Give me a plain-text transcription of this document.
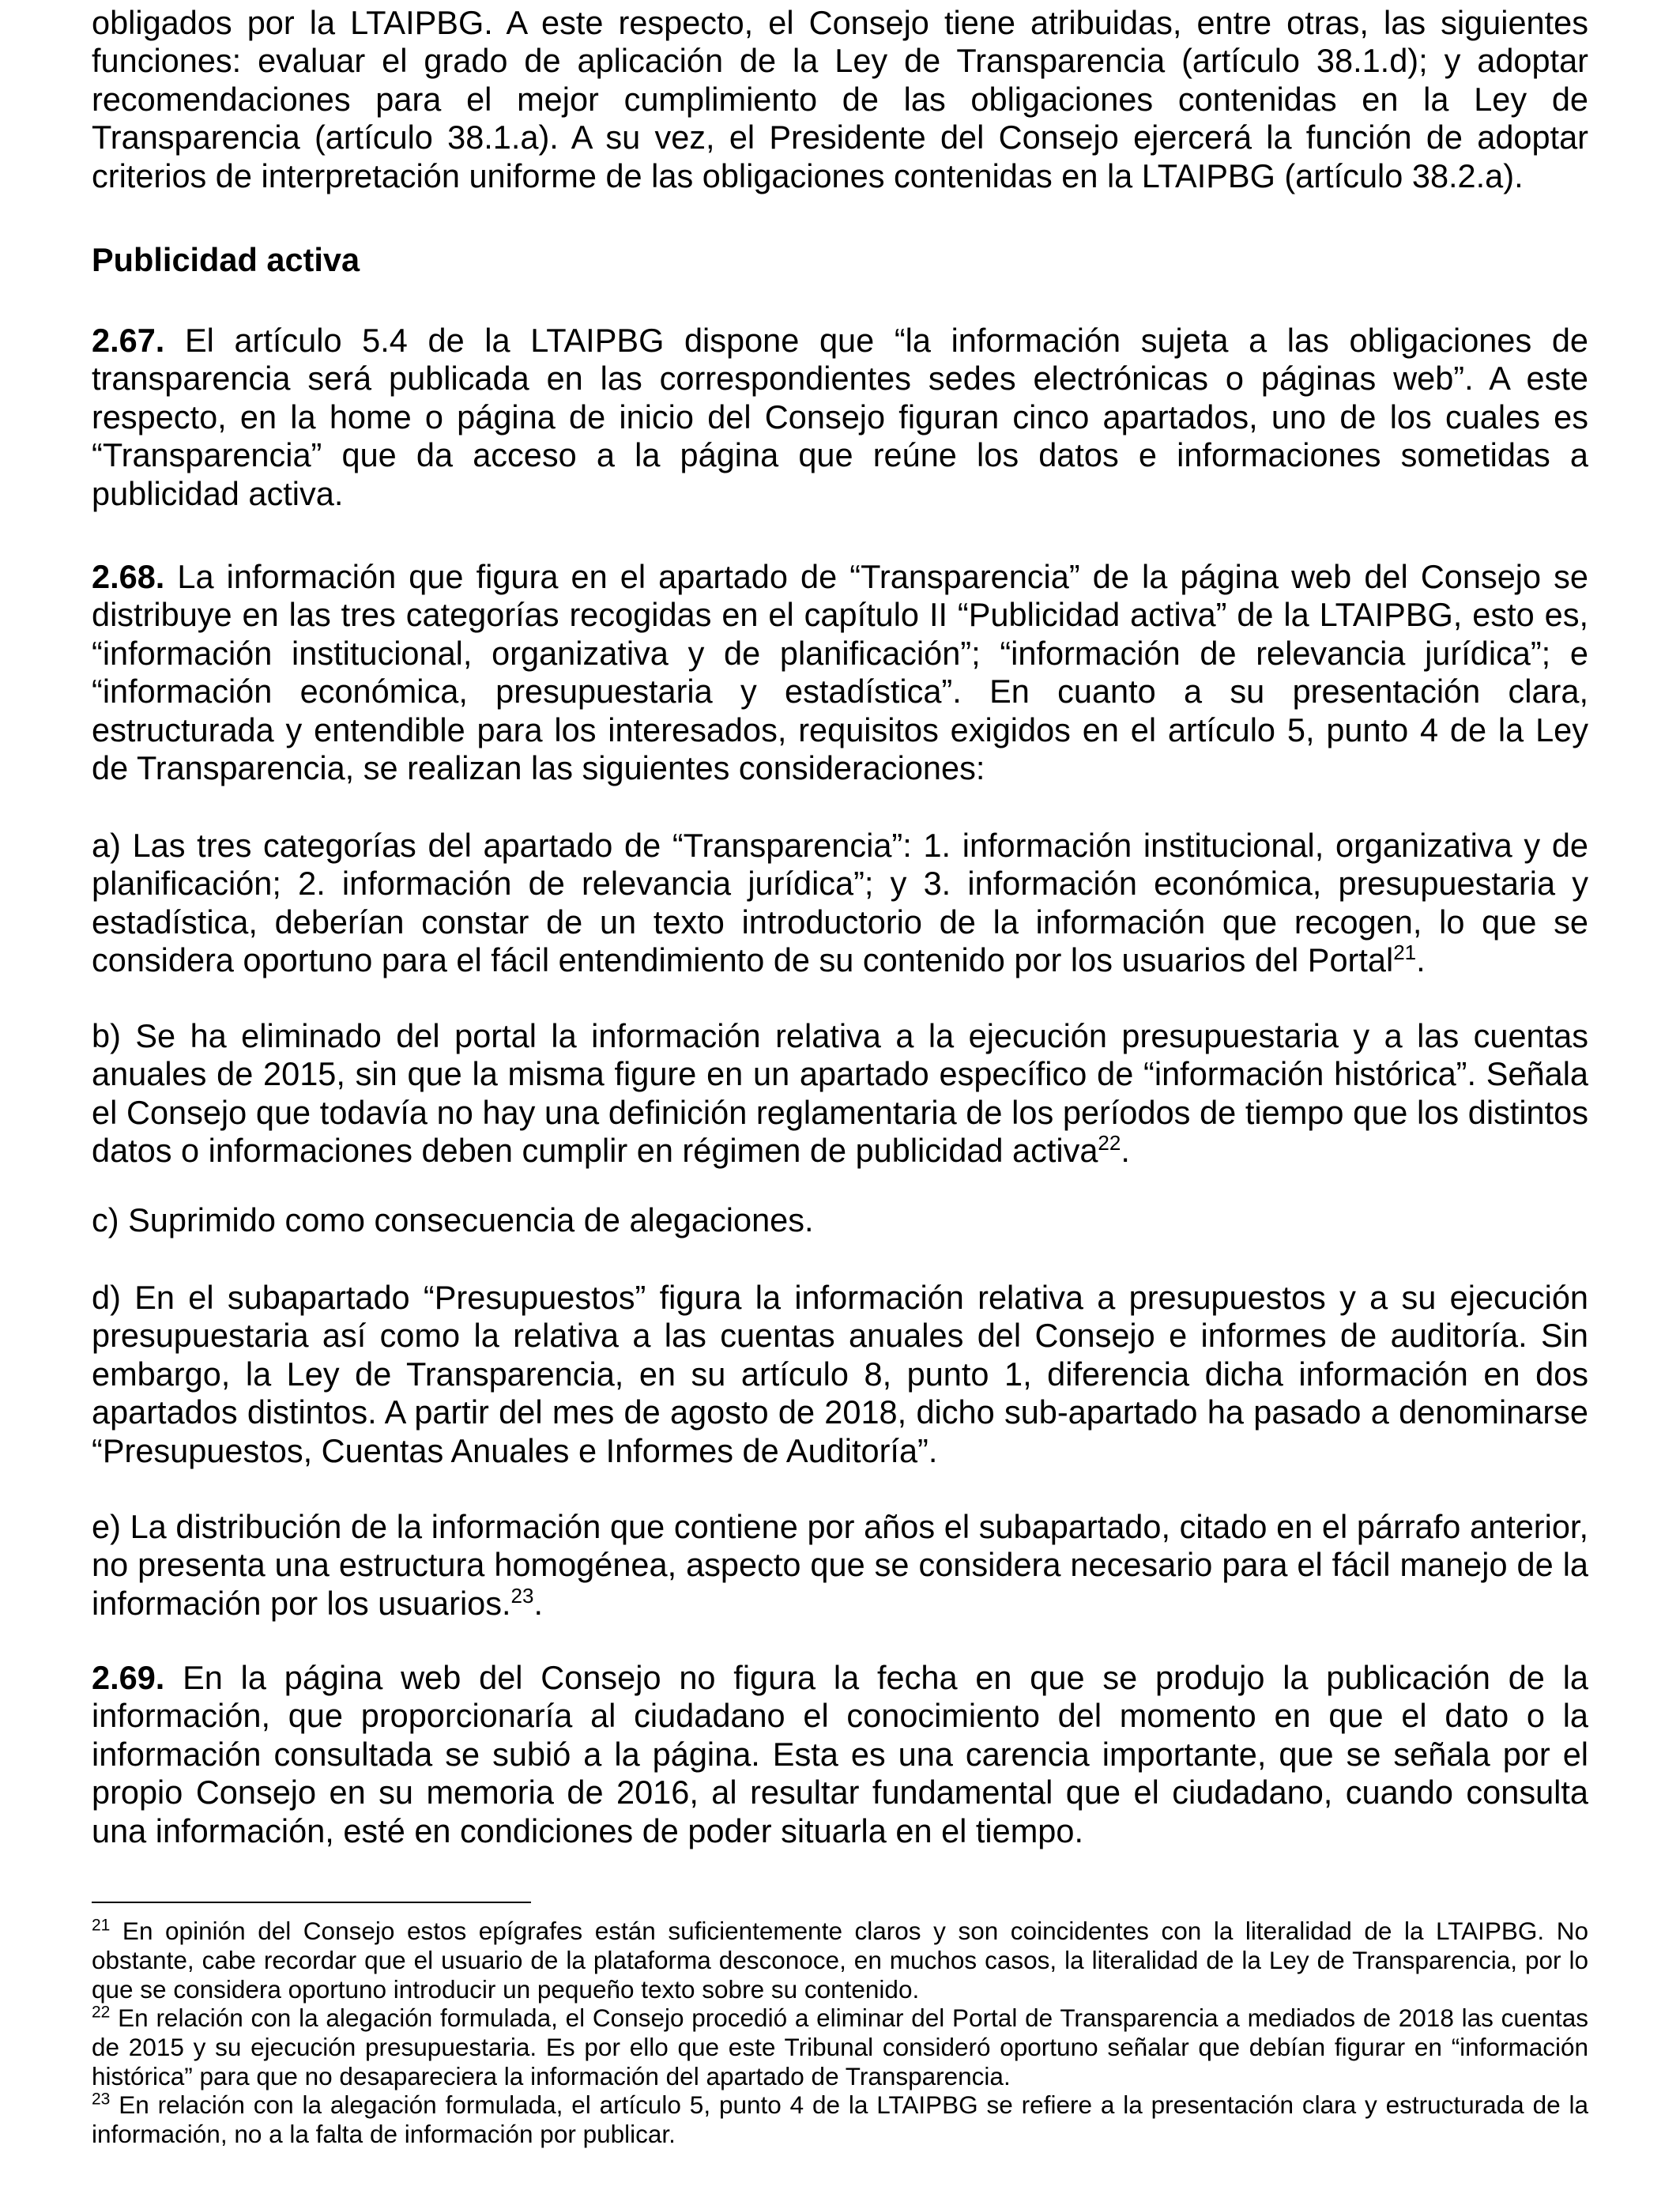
obligados por la LTAIPBG. A este respecto, el Consejo tiene atribuidas, entre otras, las siguientes funciones: evaluar el grado de aplicación de la Ley de Transparencia (artículo 38.1.d); y adoptar recomendaciones para el mejor cumplimiento de las obligaciones contenidas en la Ley de Transparencia (artículo 38.1.a). A su vez, el Presidente del Consejo ejercerá la función de adoptar criterios de interpretación uniforme de las obligaciones contenidas en la LTAIPBG (artículo 38.2.a).

Publicidad activa

2.67. El artículo 5.4 de la LTAIPBG dispone que “la información sujeta a las obligaciones de transparencia será publicada en las correspondientes sedes electrónicas o páginas web”. A este respecto, en la home o página de inicio del Consejo figuran cinco apartados, uno de los cuales es “Transparencia” que da acceso a la página que reúne los datos e informaciones sometidas a publicidad activa.

2.68. La información que figura en el apartado de “Transparencia” de la página web del Consejo se distribuye en las tres categorías recogidas en el capítulo II “Publicidad activa” de la LTAIPBG, esto es, “información institucional, organizativa y de planificación”; “información de relevancia jurídica”; e “información económica, presupuestaria y estadística”. En cuanto a su presentación clara, estructurada y entendible para los interesados, requisitos exigidos en el artículo 5, punto 4 de la Ley de Transparencia, se realizan las siguientes consideraciones:

a) Las tres categorías del apartado de “Transparencia”: 1. información institucional, organizativa y de planificación; 2. información de relevancia jurídica”; y 3. información económica, presupuestaria y estadística, deberían constar de un texto introductorio de la información que recogen, lo que se considera oportuno para el fácil entendimiento de su contenido por los usuarios del Portal$^{21}$.

b) Se ha eliminado del portal la información relativa a la ejecución presupuestaria y a las cuentas anuales de 2015, sin que la misma figure en un apartado específico de “información histórica”. Señala el Consejo que todavía no hay una definición reglamentaria de los períodos de tiempo que los distintos datos o informaciones deben cumplir en régimen de publicidad activa$^{22}$.

c) Suprimido como consecuencia de alegaciones.

d) En el subapartado “Presupuestos” figura la información relativa a presupuestos y a su ejecución presupuestaria así como la relativa a las cuentas anuales del Consejo e informes de auditoría. Sin embargo, la Ley de Transparencia, en su artículo 8, punto 1, diferencia dicha información en dos apartados distintos. A partir del mes de agosto de 2018, dicho sub-apartado ha pasado a denominarse “Presupuestos, Cuentas Anuales e Informes de Auditoría”.

e) La distribución de la información que contiene por años el subapartado, citado en el párrafo anterior, no presenta una estructura homogénea, aspecto que se considera necesario para el fácil manejo de la información por los usuarios.$^{23}$.

2.69. En la página web del Consejo no figura la fecha en que se produjo la publicación de la información, que proporcionaría al ciudadano el conocimiento del momento en que el dato o la información consultada se subió a la página. Esta es una carencia importante, que se señala por el propio Consejo en su memoria de 2016, al resultar fundamental que el ciudadano, cuando consulta una información, esté en condiciones de poder situarla en el tiempo.

$^{21}$ En opinión del Consejo estos epígrafes están suficientemente claros y son coincidentes con la literalidad de la LTAIPBG. No obstante, cabe recordar que el usuario de la plataforma desconoce, en muchos casos, la literalidad de la Ley de Transparencia, por lo que se considera oportuno introducir un pequeño texto sobre su contenido.

$^{22}$ En relación con la alegación formulada, el Consejo procedió a eliminar del Portal de Transparencia a mediados de 2018 las cuentas de 2015 y su ejecución presupuestaria. Es por ello que este Tribunal consideró oportuno señalar que debían figurar en “información histórica” para que no desapareciera la información del apartado de Transparencia.

$^{23}$ En relación con la alegación formulada, el artículo 5, punto 4 de la LTAIPBG se refiere a la presentación clara y estructurada de la información, no a la falta de información por publicar.
